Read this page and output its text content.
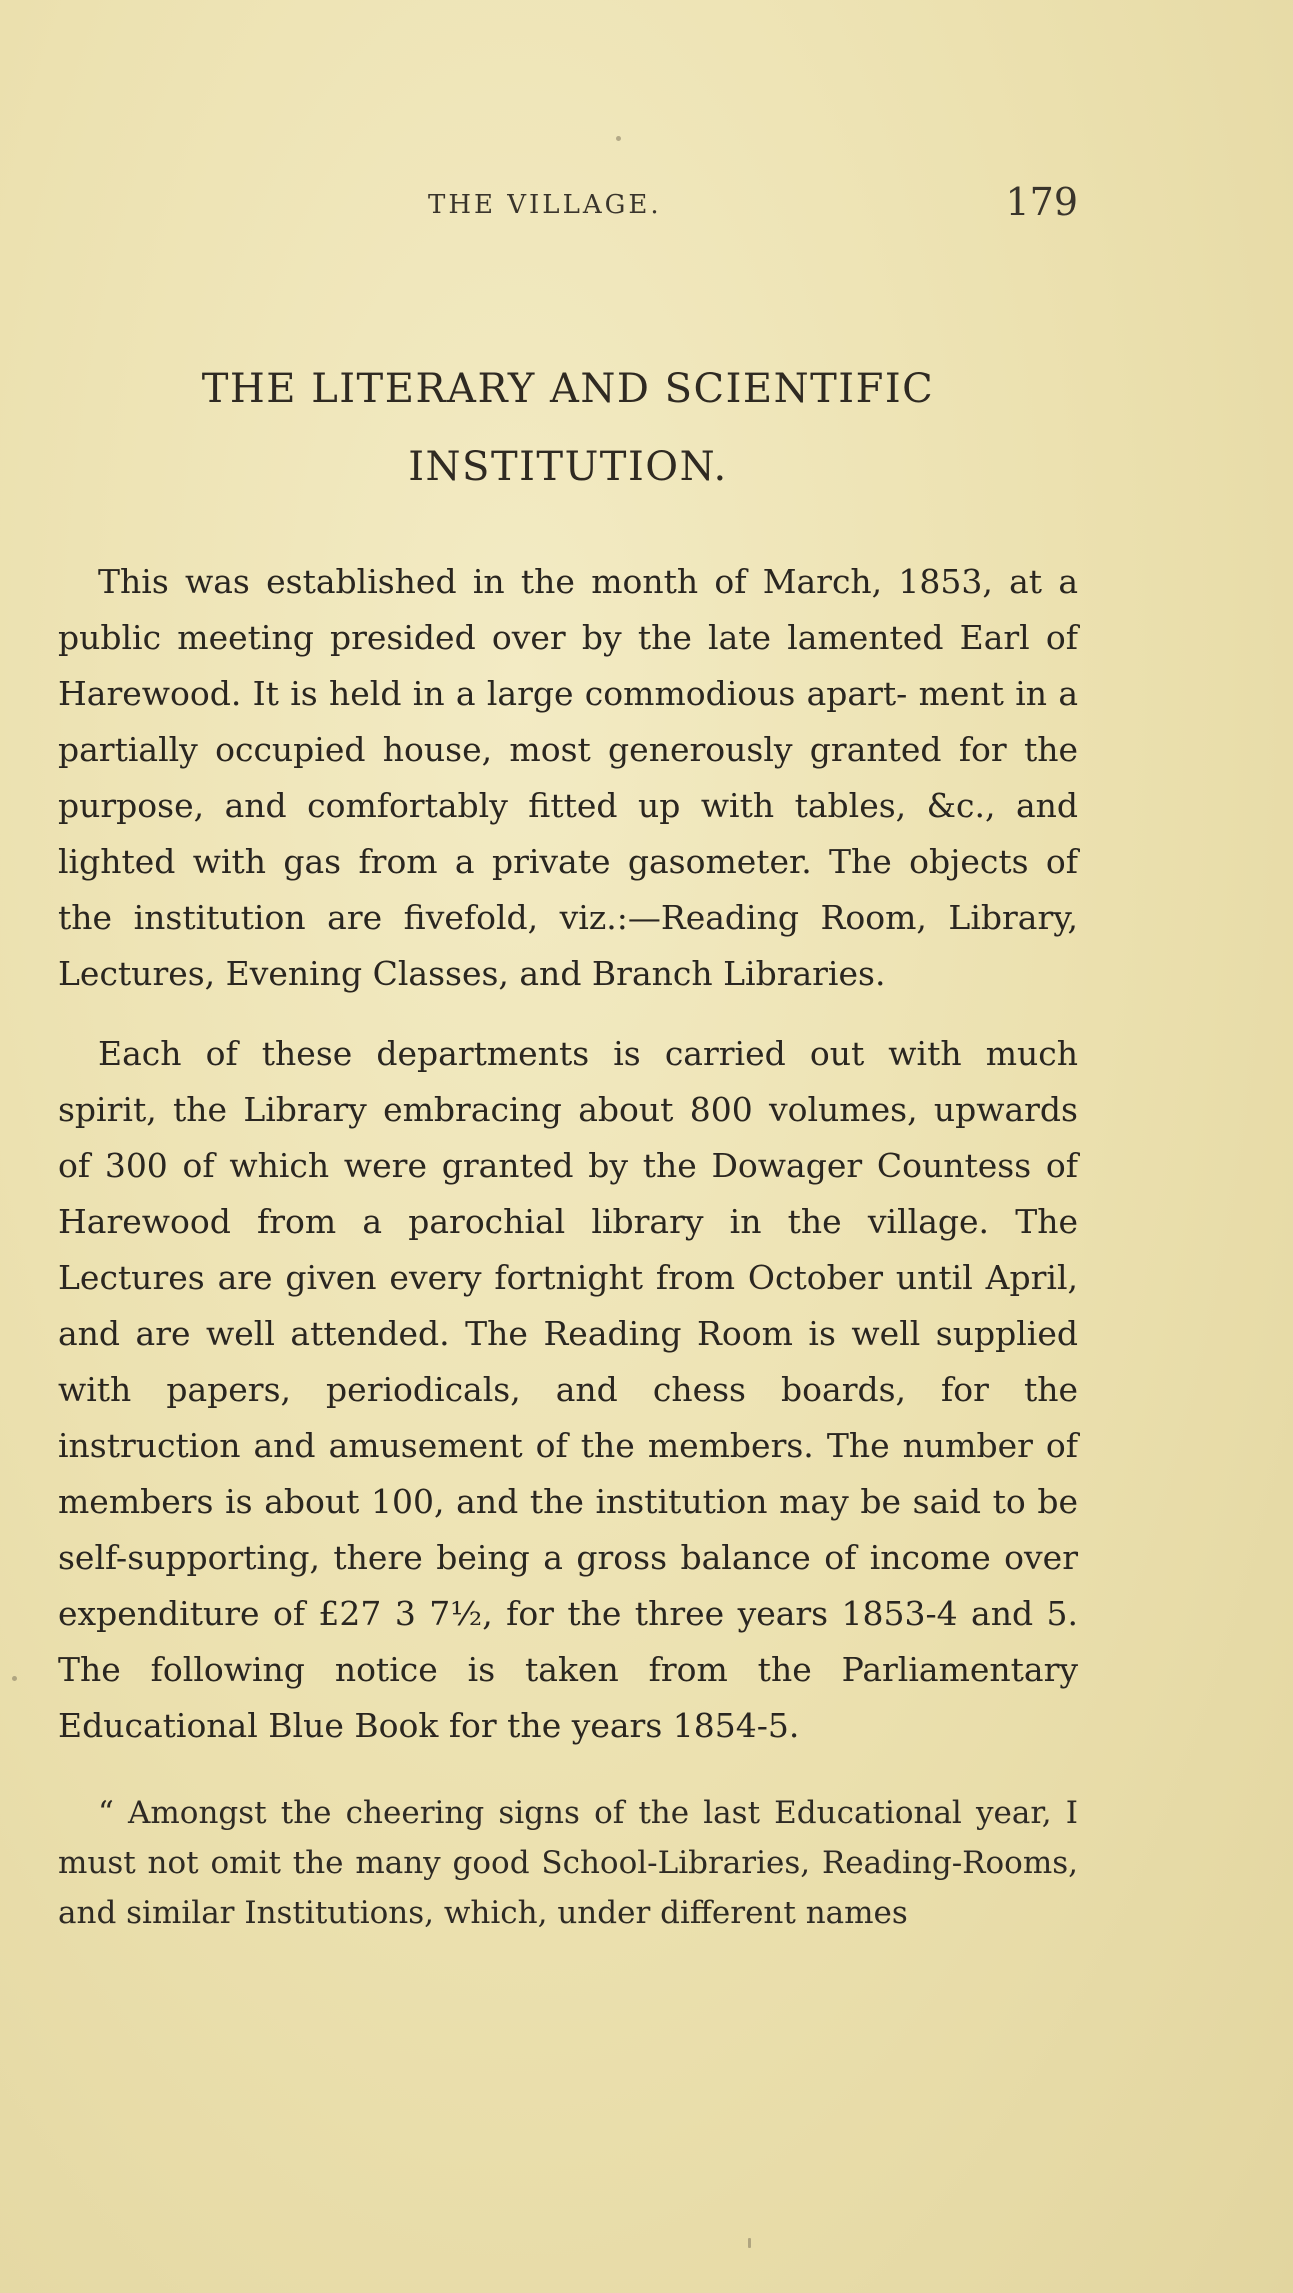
THE VILLAGE.	179
THE LITERARY AND SCIENTIFIC
INSTITUTION.

This was established in the month of March, 1853, at a public meeting presided over by the late lamented Earl of Harewood. It is held in a large commodious apart- ment in a partially occupied house, most generously granted for the purpose, and comfortably fitted up with tables, &c., and lighted with gas from a private gasometer. The objects of the institution are fivefold, viz.:—Reading Room, Library, Lectures, Evening Classes, and Branch Libraries.

Each of these departments is carried out with much spirit, the Library embracing about 800 volumes, upwards of 300 of which were granted by the Dowager Countess of Harewood from a parochial library in the village. The Lectures are given every fortnight from October until April, and are well attended. The Reading Room is well supplied with papers, periodicals, and chess boards, for the instruction and amusement of the members. The number of members is about 100, and the institution may be said to be self-supporting, there being a gross balance of income over expenditure of £27 3 7½, for the three years 1853-4 and 5. The following notice is taken from the Parliamentary Educational Blue Book for the years 1854-5.

“ Amongst the cheering signs of the last Educational year, I must not omit the many good School-Libraries, Reading-Rooms, and similar Institutions, which, under different names
